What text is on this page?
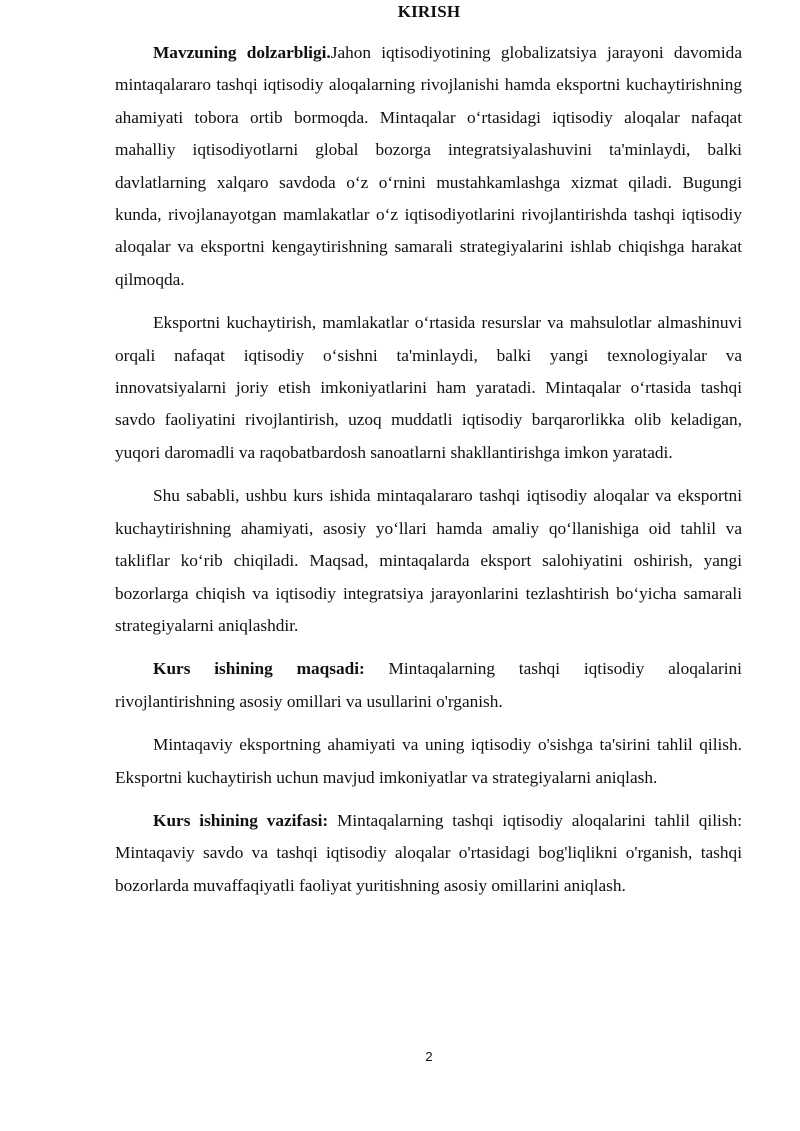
KIRISH

Mavzuning dolzarbligi.Jahon iqtisodiyotining globalizatsiya jarayoni davomida mintaqalararo tashqi iqtisodiy aloqalarning rivojlanishi hamda eksportni kuchaytirishning ahamiyati tobora ortib bormoqda. Mintaqalar o‘rtasidagi iqtisodiy aloqalar nafaqat mahalliy iqtisodiyotlarni global bozorga integratsiyalashuvini ta'minlaydi, balki davlatlarning xalqaro savdoda o‘z o‘rnini mustahkamlashga xizmat qiladi. Bugungi kunda, rivojlanayotgan mamlakatlar o‘z iqtisodiyotlarini rivojlantirishda tashqi iqtisodiy aloqalar va eksportni kengaytirishning samarali strategiyalarini ishlab chiqishga harakat qilmoqda.

Eksportni kuchaytirish, mamlakatlar o‘rtasida resurslar va mahsulotlar almashinuvi orqali nafaqat iqtisodiy o‘sishni ta'minlaydi, balki yangi texnologiyalar va innovatsiyalarni joriy etish imkoniyatlarini ham yaratadi. Mintaqalar o‘rtasida tashqi savdo faoliyatini rivojlantirish, uzoq muddatli iqtisodiy barqarorlikka olib keladigan, yuqori daromadli va raqobatbardosh sanoatlarni shakllantirishga imkon yaratadi.

Shu sababli, ushbu kurs ishida mintaqalararo tashqi iqtisodiy aloqalar va eksportni kuchaytirishning ahamiyati, asosiy yo‘llari hamda amaliy qo‘llanishiga oid tahlil va takliflar ko‘rib chiqiladi. Maqsad, mintaqalarda eksport salohiyatini oshirish, yangi bozorlarga chiqish va iqtisodiy integratsiya jarayonlarini tezlashtirish bo‘yicha samarali strategiyalarni aniqlashdir.

Kurs ishining maqsadi: Mintaqalarning tashqi iqtisodiy aloqalarini rivojlantirishning asosiy omillari va usullarini o'rganish.

Mintaqaviy eksportning ahamiyati va uning iqtisodiy o'sishga ta'sirini tahlil qilish. Eksportni kuchaytirish uchun mavjud imkoniyatlar va strategiyalarni aniqlash.

Kurs ishining vazifasi: Mintaqalarning tashqi iqtisodiy aloqalarini tahlil qilish: Mintaqaviy savdo va tashqi iqtisodiy aloqalar o'rtasidagi bog'liqlikni o'rganish, tashqi bozorlarda muvaffaqiyatli faoliyat yuritishning asosiy omillarini aniqlash.

2
